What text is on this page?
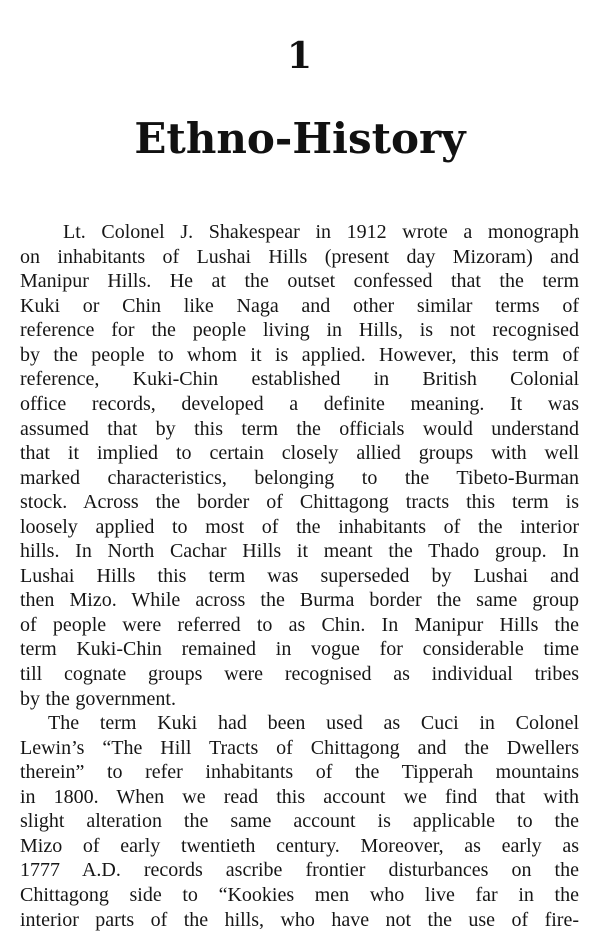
1
Ethno-History
Lt. Colonel J. Shakespear in 1912 wrote a monograph
on inhabitants of Lushai Hills (present day Mizoram) and
Manipur Hills. He at the outset confessed that the term
Kuki or Chin like Naga and other similar terms of
reference for the people living in Hills, is not recognised
by the people to whom it is applied. However, this term of
reference, Kuki-Chin established in British Colonial
office records, developed a definite meaning. It was
assumed that by this term the officials would understand
that it implied to certain closely allied groups with well
marked characteristics, belonging to the Tibeto-Burman
stock. Across the border of Chittagong tracts this term is
loosely applied to most of the inhabitants of the interior
hills. In North Cachar Hills it meant the Thado group. In
Lushai Hills this term was superseded by Lushai and
then Mizo. While across the Burma border the same group
of people were referred to as Chin. In Manipur Hills the
term Kuki-Chin remained in vogue for considerable time
till cognate groups were recognised as individual tribes
by the government.
The term Kuki had been used as Cuci in Colonel
Lewin’s “The Hill Tracts of Chittagong and the Dwellers
therein” to refer inhabitants of the Tipperah mountains
in 1800. When we read this account we find that with
slight alteration the same account is applicable to the
Mizo of early twentieth century. Moreover, as early as
1777 A.D. records ascribe frontier disturbances on the
Chittagong side to “Kookies men who live far in the
interior parts of the hills, who have not the use of fire-
